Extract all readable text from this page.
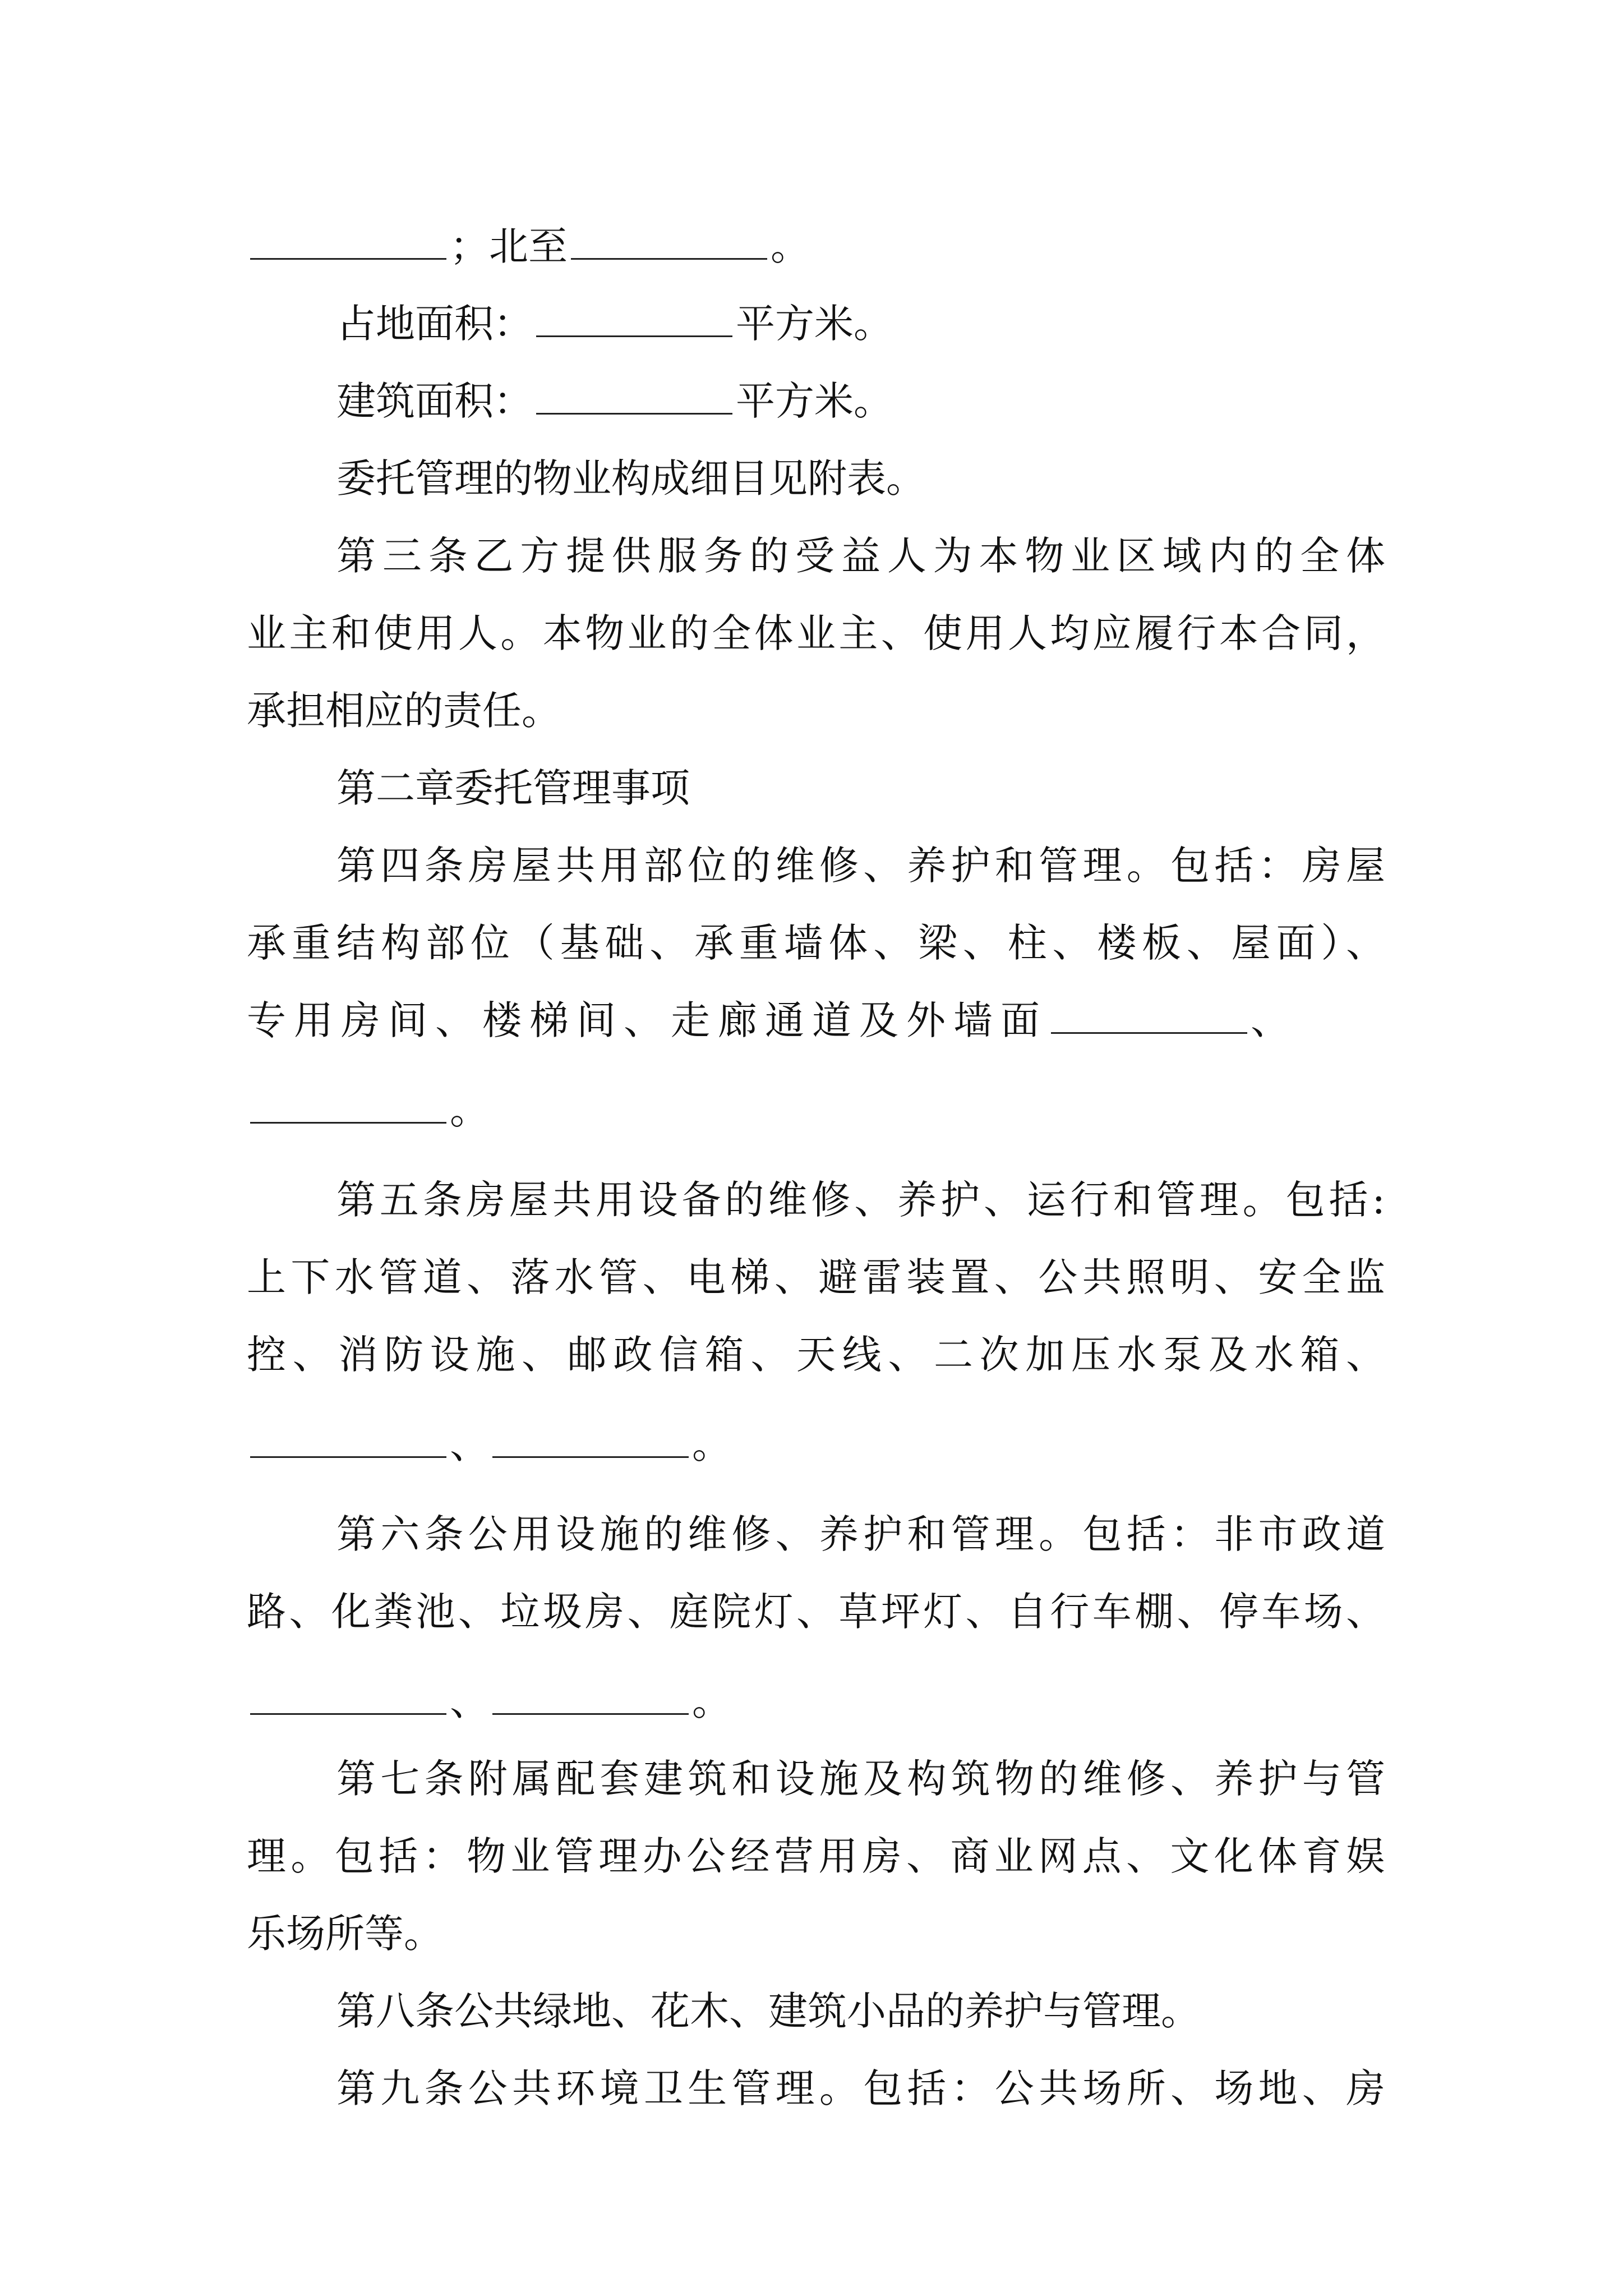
；北至	。

占地面积：	平方米。

建筑面积：	平方米。

委托管理的物业构成细目见附表。

第三条乙方提供服务的受益人为本物业区域内的全体

业主和使用人。本物业的全体业主、使用人均应履行本合同，

承担相应的责任。

第二章委托管理事项

第四条房屋共用部位的维修、养护和管理。包括：房屋

承重结构部位（基础、承重墙体、梁、柱、楼板、屋面）、

专用房间、楼梯间、走廊通道及外墙面	、

。

第五条房屋共用设备的维修、养护、运行和管理。包括:

上下水管道、落水管、电梯、避雷装置、公共照明、安全监

控、消防设施、邮政信箱、天线、二次加压水泵及水箱、

、	。

第六条公用设施的维修、养护和管理。包括：非市政道

路、化粪池、垃圾房、庭院灯、草坪灯、自行车棚、停车场、

、	。

第七条附属配套建筑和设施及构筑物的维修、养护与管

理。包括：物业管理办公经营用房、商业网点、文化体育娱

乐场所等。

第八条公共绿地、花木、建筑小品的养护与管理。

第九条公共环境卫生管理。包括：公共场所、场地、房
